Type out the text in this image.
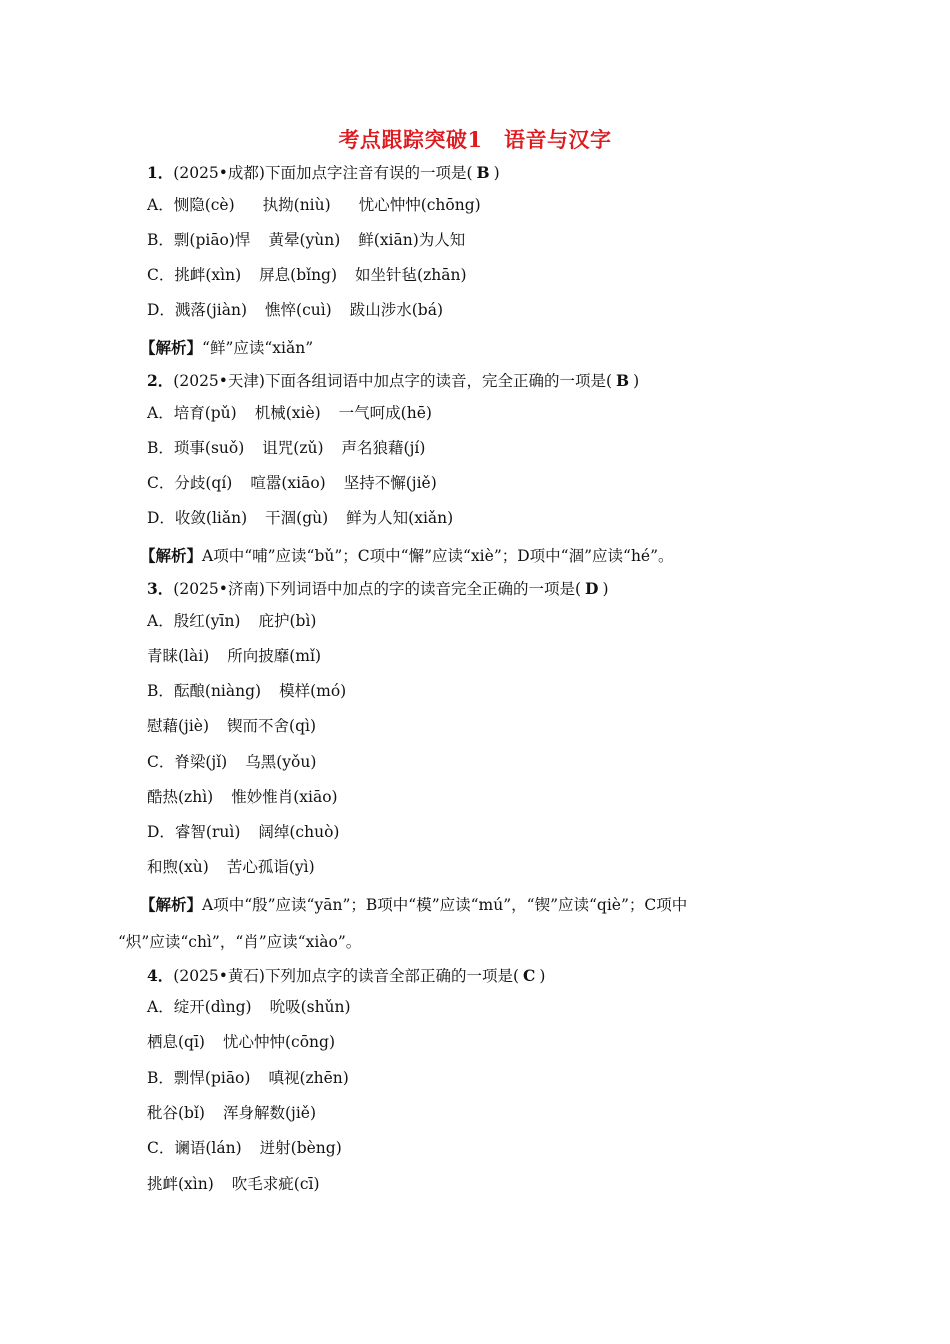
考点跟踪突破1　语音与汉字
1．(2025•成都)下面加点字注音有误的一项是( B )
A．恻隐(cè) 执拗(niù) 忧心忡忡(chōng)
B．剽(piāo)悍 黄晕(yùn) 鲜(xiān)为人知
C．挑衅(xìn) 屏息(bǐng) 如坐针毡(zhān)
D．溅落(jiàn) 憔悴(cuì) 跋山涉水(bá)
【解析】“鲜”应读“xiǎn”
2．(2025•天津)下面各组词语中加点字的读音，完全正确的一项是( B )
A．培育(pǔ) 机械(xiè) 一气呵成(hē)
B．琐事(suǒ) 诅咒(zǔ) 声名狼藉(jí)
C．分歧(qí) 喧嚣(xiāo) 坚持不懈(jiě)
D．收敛(liǎn) 干涸(gù) 鲜为人知(xiǎn)
【解析】A项中“哺”应读“bǔ”；C项中“懈”应读“xiè”；D项中“涸”应读“hé”。
3．(2025•济南)下列词语中加点的字的读音完全正确的一项是( D )
A．殷红(yīn) 庇护(bì)
青睐(lài) 所向披靡(mǐ)
B．酝酿(niàng) 模样(mó)
慰藉(jiè) 锲而不舍(qì)
C．脊梁(jǐ) 乌黑(yǒu)
酷热(zhì) 惟妙惟肖(xiāo)
D．睿智(ruì) 阔绰(chuò)
和煦(xù) 苦心孤诣(yì)
【解析】A项中“殷”应读“yān”；B项中“模”应读“mú”，“锲”应读“qiè”；C项中
“炽”应读“chì”，“肖”应读“xiào”。
4．(2025•黄石)下列加点字的读音全部正确的一项是( C )
A．绽开(dìng) 吮吸(shǔn)
栖息(qī) 忧心忡忡(cōng)
B．剽悍(piāo) 嗔视(zhēn)
秕谷(bǐ) 浑身解数(jiě)
C．谰语(lán) 迸射(bèng)
挑衅(xìn) 吹毛求疵(cī)
